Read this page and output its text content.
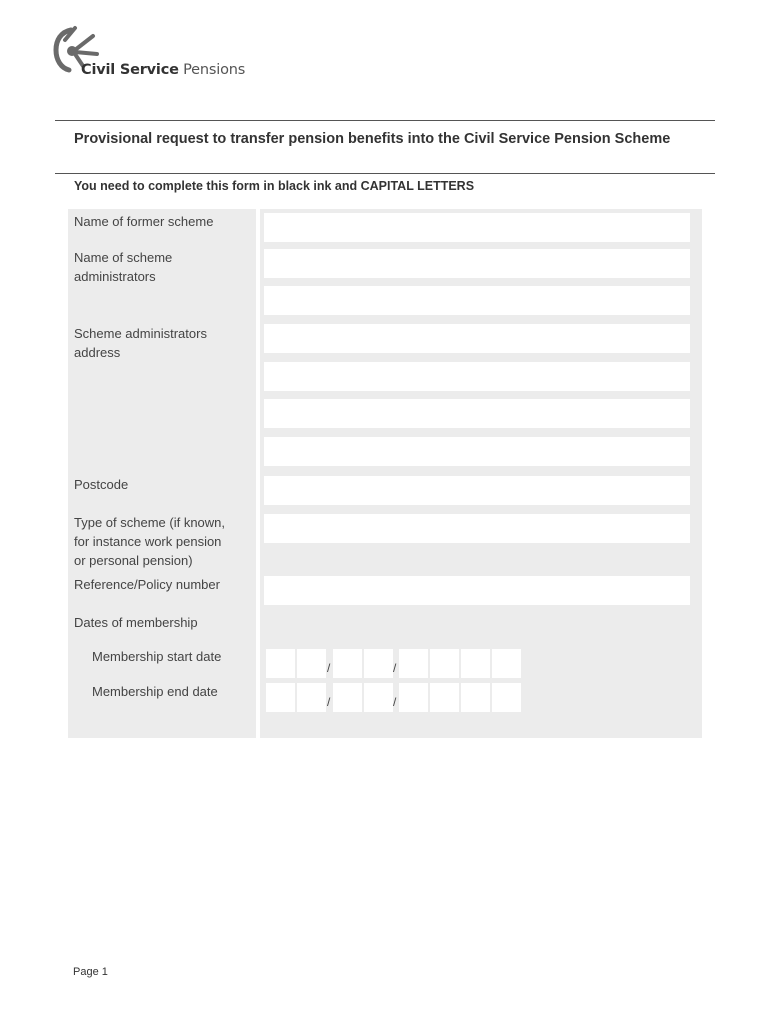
Civil Service Pensions
Provisional request to transfer pension benefits into the Civil Service Pension Scheme
You need to complete this form in black ink and CAPITAL LETTERS
Name of former scheme
Name of scheme
administrators
Scheme administrators
address
Postcode
Type of scheme (if known,
for instance work pension
or personal pension)
Reference/Policy number
Dates of membership
Membership start date
Membership end date
/	/
/	/
Page 1
